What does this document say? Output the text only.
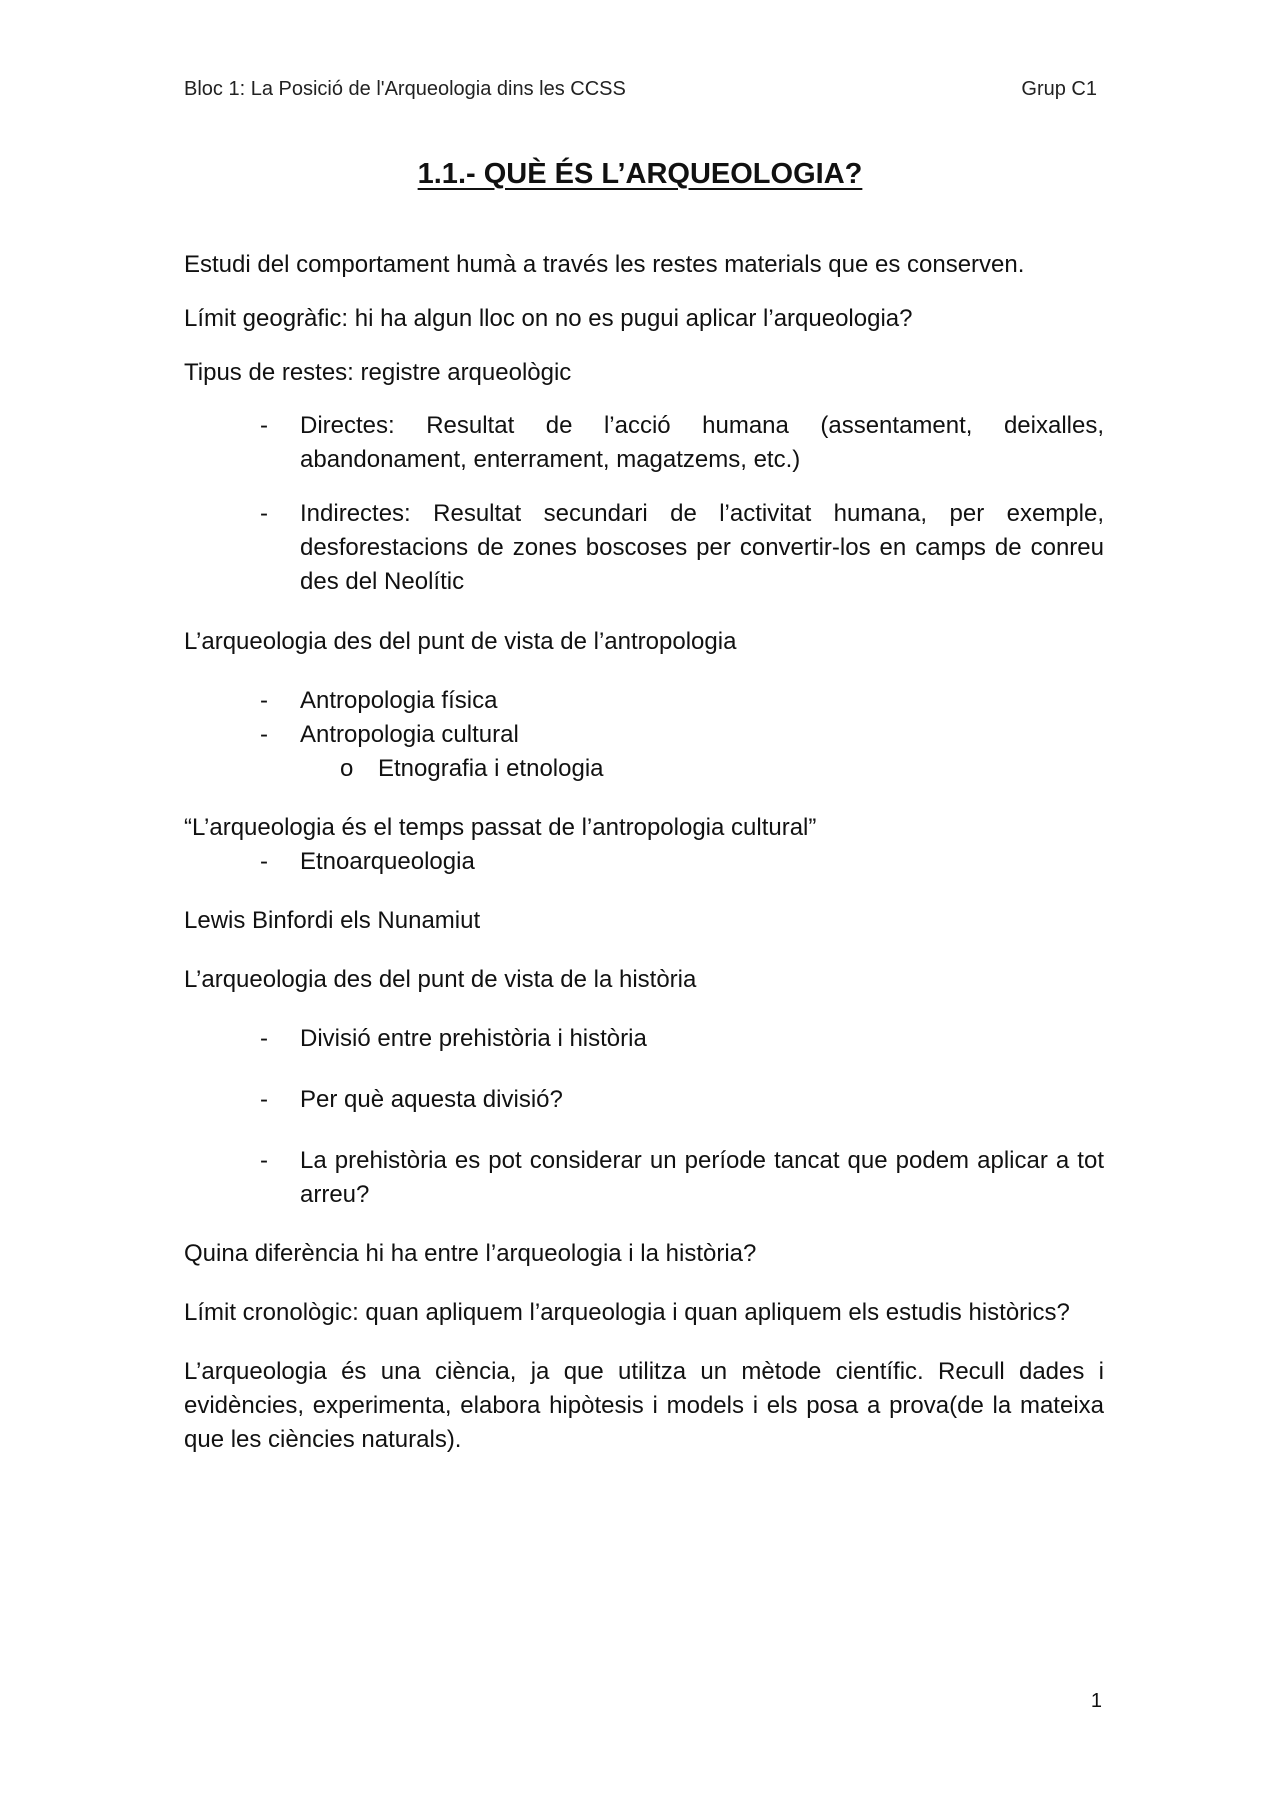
Bloc 1: La Posició de l'Arqueologia dins les CCSS	Grup C1
1.1.- QUÈ ÉS L’ARQUEOLOGIA?

Estudi del comportament humà a través les restes materials que es conserven.

Límit geogràfic: hi ha algun lloc on no es pugui aplicar l’arqueologia?

Tipus de restes: registre arqueològic

- Directes: Resultat de l’acció humana (assentament, deixalles, abandonament, enterrament, magatzems, etc.)
- Indirectes: Resultat secundari de l’activitat humana, per exemple, desforestacions de zones boscoses per convertir-los en camps de conreu des del Neolític

L’arqueologia des del punt de vista de l’antropologia

- Antropologia física
- Antropologia cultural
o Etnografia i etnologia

“L’arqueologia és el temps passat de l’antropologia cultural”

- Etnoarqueologia

Lewis Binfordi els Nunamiut

L’arqueologia des del punt de vista de la història

- Divisió entre prehistòria i història
- Per què aquesta divisió?
- La prehistòria es pot considerar un període tancat que podem aplicar a tot arreu?

Quina diferència hi ha entre l’arqueologia i la història?

Límit cronològic: quan apliquem l’arqueologia i quan apliquem els estudis històrics?

L’arqueologia és una ciència, ja que utilitza un mètode científic. Recull dades i evidències, experimenta, elabora hipòtesis i models i els posa a prova(de la mateixa que les ciències naturals).

1
